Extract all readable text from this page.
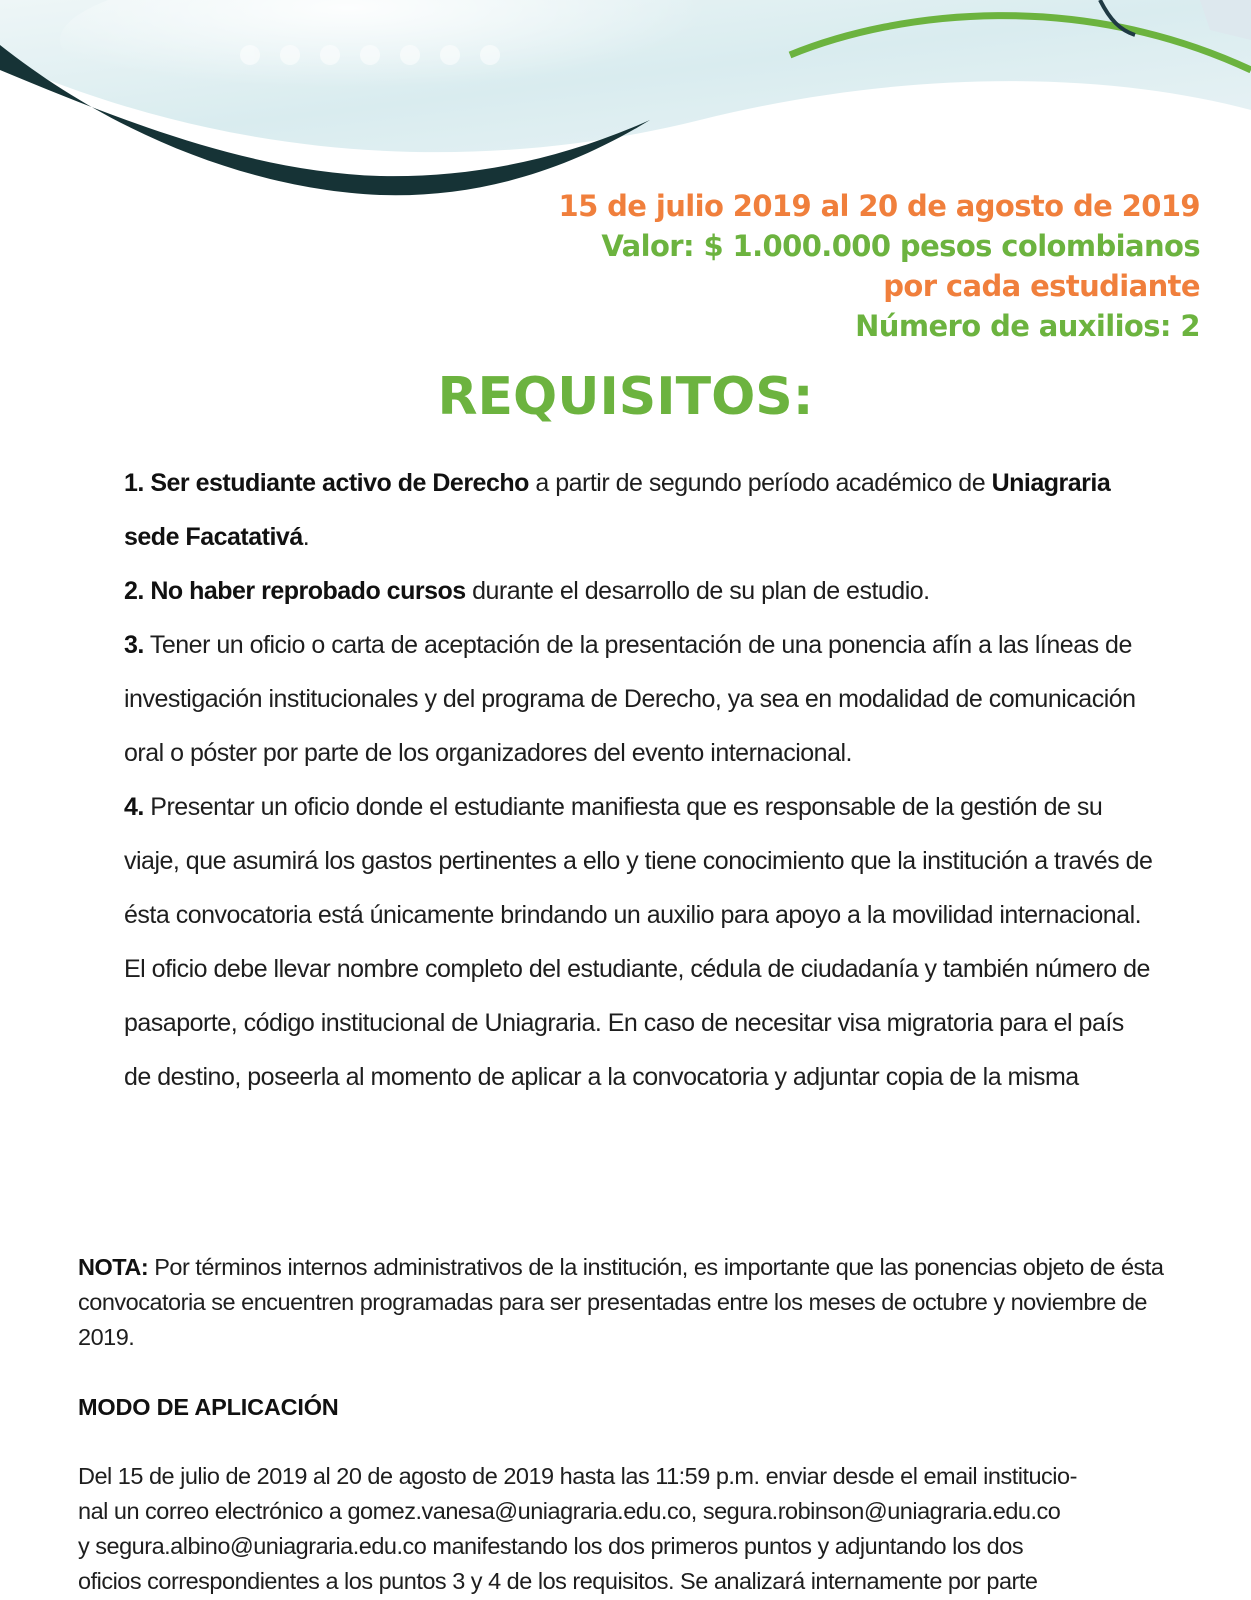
15 de julio 2019 al 20 de agosto de 2019
Valor: $ 1.000.000 pesos colombianos
por cada estudiante
Número de auxilios: 2
REQUISITOS:
1. Ser estudiante activo de Derecho a partir de segundo período académico de Uniagraria sede Facatativá.
2. No haber reprobado cursos durante el desarrollo de su plan de estudio.
3. Tener un oficio o carta de aceptación de la presentación de una ponencia afín a las líneas de investigación institucionales y del programa de Derecho, ya sea en modalidad de comunicación oral o póster por parte de los organizadores del evento internacional.
4. Presentar un oficio donde el estudiante manifiesta que es responsable de la gestión de su viaje, que asumirá los gastos pertinentes a ello y tiene conocimiento que la institución a través de ésta convocatoria está únicamente brindando un auxilio para apoyo a la movilidad internacional. El oficio debe llevar nombre completo del estudiante, cédula de ciudadanía y también número de pasaporte, código institucional de Uniagraria. En caso de necesitar visa migratoria para el país de destino, poseerla al momento de aplicar a la convocatoria y adjuntar copia de la misma
NOTA: Por términos internos administrativos de la institución, es importante que las ponencias objeto de ésta convocatoria se encuentren programadas para ser presentadas entre los meses de octubre y noviembre de 2019.
MODO DE APLICACIÓN
Del 15 de julio de 2019 al 20 de agosto de 2019 hasta las 11:59 p.m. enviar desde el email institucio-
nal un correo electrónico a gomez.vanesa@uniagraria.edu.co, segura.robinson@uniagraria.edu.co
y segura.albino@uniagraria.edu.co manifestando los dos primeros puntos y adjuntando los dos
oficios correspondientes a los puntos 3 y 4 de los requisitos. Se analizará internamente por parte
